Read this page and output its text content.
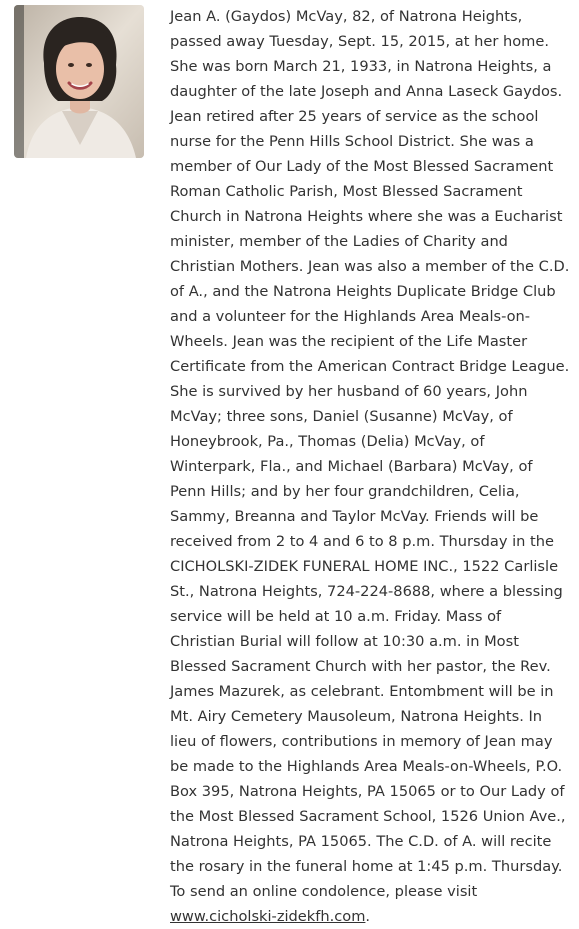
Jean A. (Gaydos) McVay, 82, of Natrona Heights, passed away Tuesday, Sept. 15, 2015, at her home. She was born March 21, 1933, in Natrona Heights, a daughter of the late Joseph and Anna Laseck Gaydos. Jean retired after 25 years of service as the school nurse for the Penn Hills School District. She was a member of Our Lady of the Most Blessed Sacrament Roman Catholic Parish, Most Blessed Sacrament Church in Natrona Heights where she was a Eucharist minister, member of the Ladies of Charity and Christian Mothers. Jean was also a member of the C.D. of A., and the Natrona Heights Duplicate Bridge Club and a volunteer for the Highlands Area Meals-on-Wheels. Jean was the recipient of the Life Master Certificate from the American Contract Bridge League. She is survived by her husband of 60 years, John McVay; three sons, Daniel (Susanne) McVay, of Honeybrook, Pa., Thomas (Delia) McVay, of Winterpark, Fla., and Michael (Barbara) McVay, of Penn Hills; and by her four grandchildren, Celia, Sammy, Breanna and Taylor McVay. Friends will be received from 2 to 4 and 6 to 8 p.m. Thursday in the CICHOLSKI-ZIDEK FUNERAL HOME INC., 1522 Carlisle St., Natrona Heights, 724-224-8688, where a blessing service will be held at 10 a.m. Friday. Mass of Christian Burial will follow at 10:30 a.m. in Most Blessed Sacrament Church with her pastor, the Rev. James Mazurek, as celebrant. Entombment will be in Mt. Airy Cemetery Mausoleum, Natrona Heights. In lieu of flowers, contributions in memory of Jean may be made to the Highlands Area Meals-on-Wheels, P.O. Box 395, Natrona Heights, PA 15065 or to Our Lady of the Most Blessed Sacrament School, 1526 Union Ave., Natrona Heights, PA 15065. The C.D. of A. will recite the rosary in the funeral home at 1:45 p.m. Thursday. To send an online condolence, please visit www.cicholski-zidekfh.com.
